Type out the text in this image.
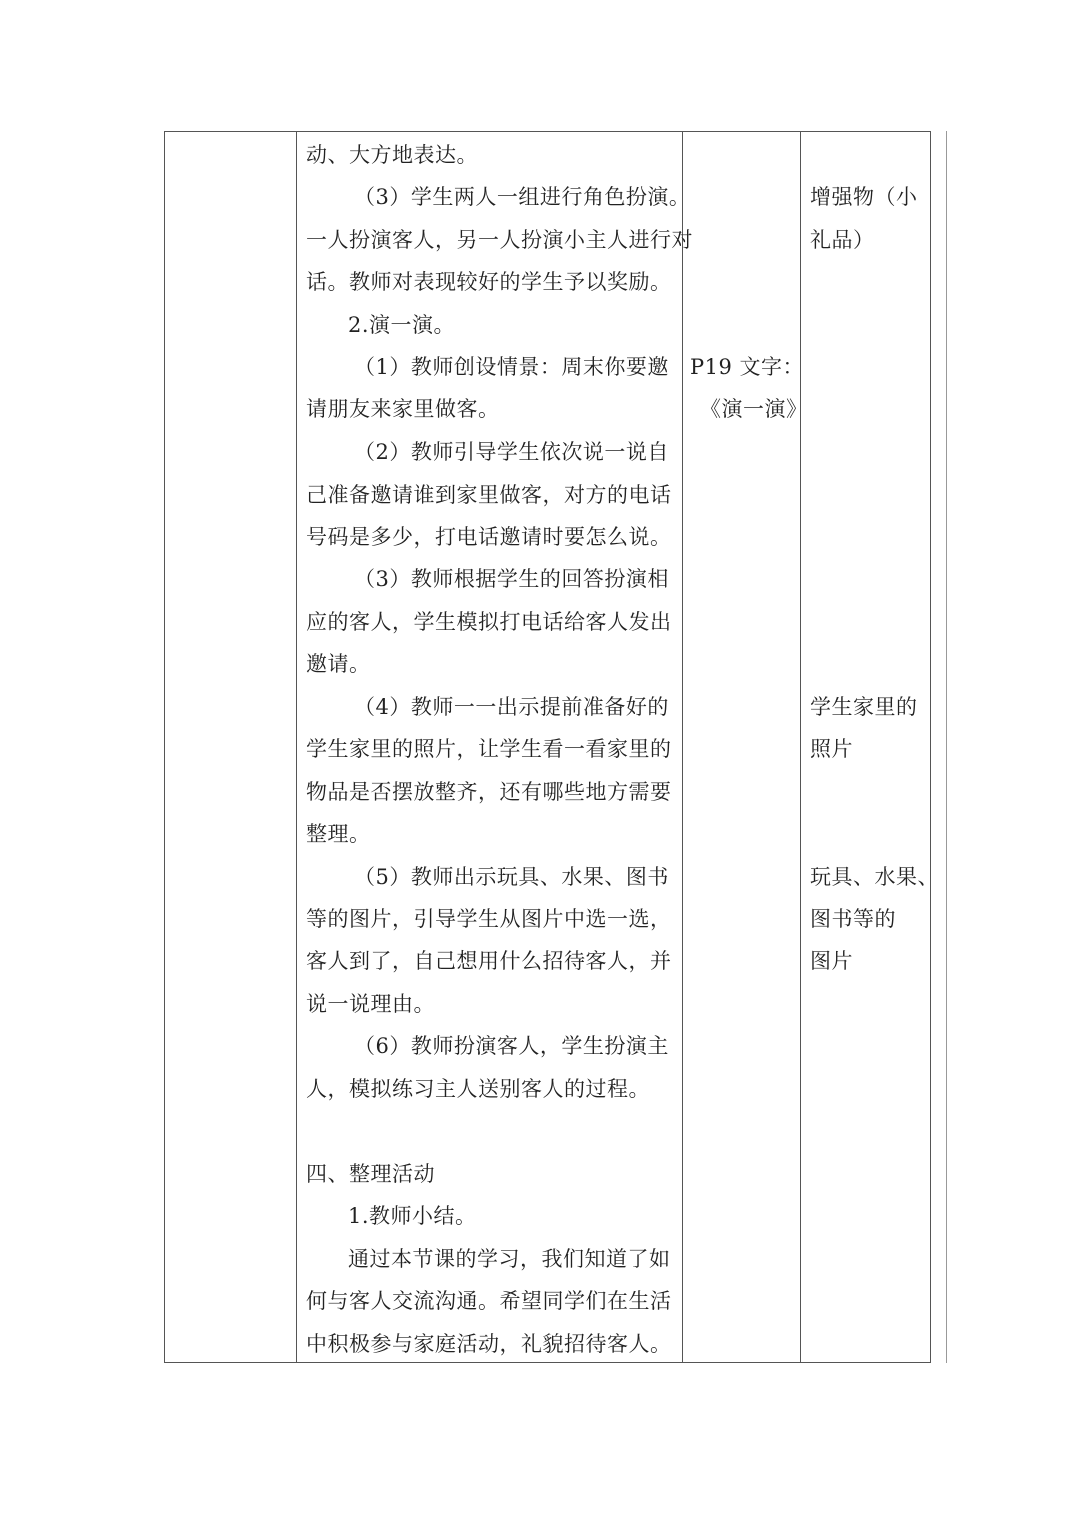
动、大方地表达。
（3）学生两人一组进行角色扮演。
一人扮演客人，另一人扮演小主人进行对
话。教师对表现较好的学生予以奖励。
2.演一演。
（1）教师创设情景：周末你要邀
请朋友来家里做客。
（2）教师引导学生依次说一说自
己准备邀请谁到家里做客，对方的电话
号码是多少，打电话邀请时要怎么说。
（3）教师根据学生的回答扮演相
应的客人，学生模拟打电话给客人发出
邀请。
（4）教师一一出示提前准备好的
学生家里的照片，让学生看一看家里的
物品是否摆放整齐，还有哪些地方需要
整理。
（5）教师出示玩具、水果、图书
等的图片，引导学生从图片中选一选，
客人到了，自己想用什么招待客人，并
说一说理由。
（6）教师扮演客人，学生扮演主
人，模拟练习主人送别客人的过程。
四、整理活动
1.教师小结。
通过本节课的学习，我们知道了如
何与客人交流沟通。希望同学们在生活
中积极参与家庭活动，礼貌招待客人。
P19 文字：
《演一演》
增强物（小
礼品）
学生家里的
照片
玩具、水果、
图书等的
图片
